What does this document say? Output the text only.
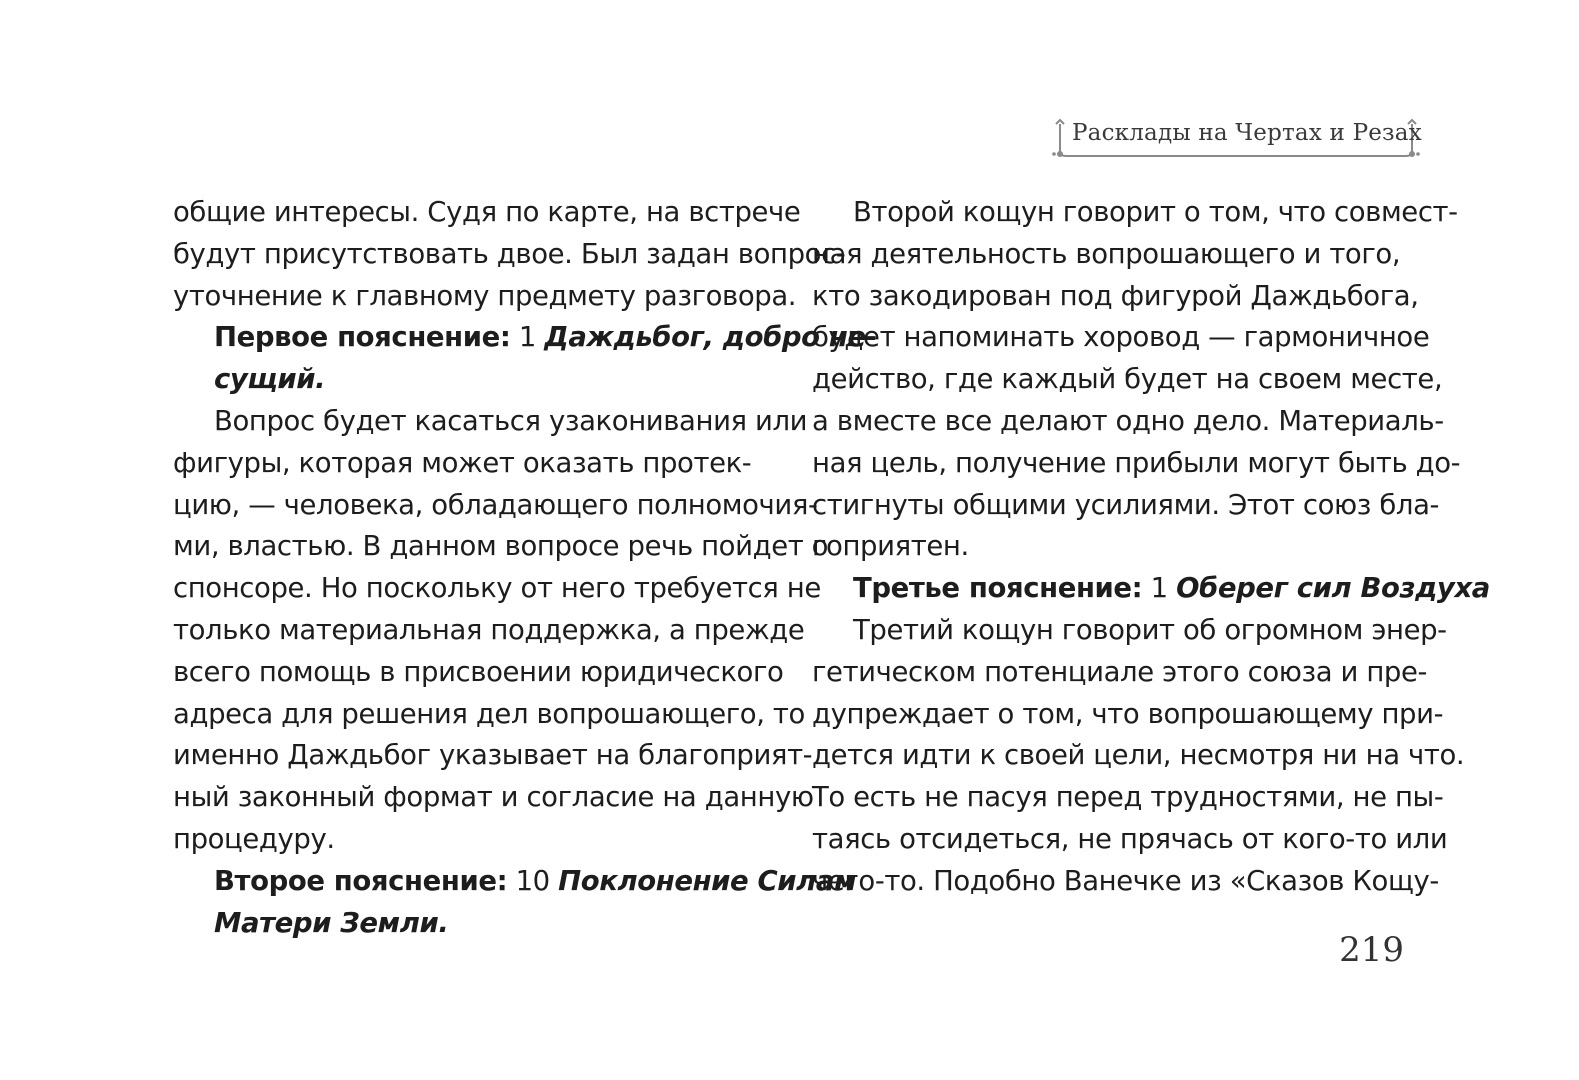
Расклады на Чертах и Резах
общие интересы. Судя по карте, на встрече
будут присутствовать двое. Был задан вопрос-
уточнение к главному предмету разговора.
Первое пояснение: 1 Даждьбог, добро не-
сущий.
Вопрос будет касаться узаконивания или
фигуры, которая может оказать протек-
цию, — человека, обладающего полномочия-
ми, властью. В данном вопросе речь пойдет о
спонсоре. Но поскольку от него требуется не
только материальная поддержка, а прежде
всего помощь в присвоении юридического
адреса для решения дел вопрошающего, то
именно Даждьбог указывает на благоприят-
ный законный формат и согласие на данную
процедуру.
Второе пояснение: 10 Поклонение Силам
Матери Земли.
Второй кощун говорит о том, что совмест-
ная деятельность вопрошающего и того,
кто закодирован под фигурой Даждьбога,
будет напоминать хоровод — гармоничное
действо, где каждый будет на своем месте,
а вместе все делают одно дело. Материаль-
ная цель, получение прибыли могут быть до-
стигнуты общими усилиями. Этот союз бла-
гоприятен.
Третье пояснение: 1 Оберег сил Воздуха
Третий кощун говорит об огромном энер-
гетическом потенциале этого союза и пре-
дупреждает о том, что вопрошающему при-
дется идти к своей цели, несмотря ни на что.
То есть не пасуя перед трудностями, не пы-
таясь отсидеться, не прячась от кого-то или
чего-то. Подобно Ванечке из «Сказов Кощу-
219
